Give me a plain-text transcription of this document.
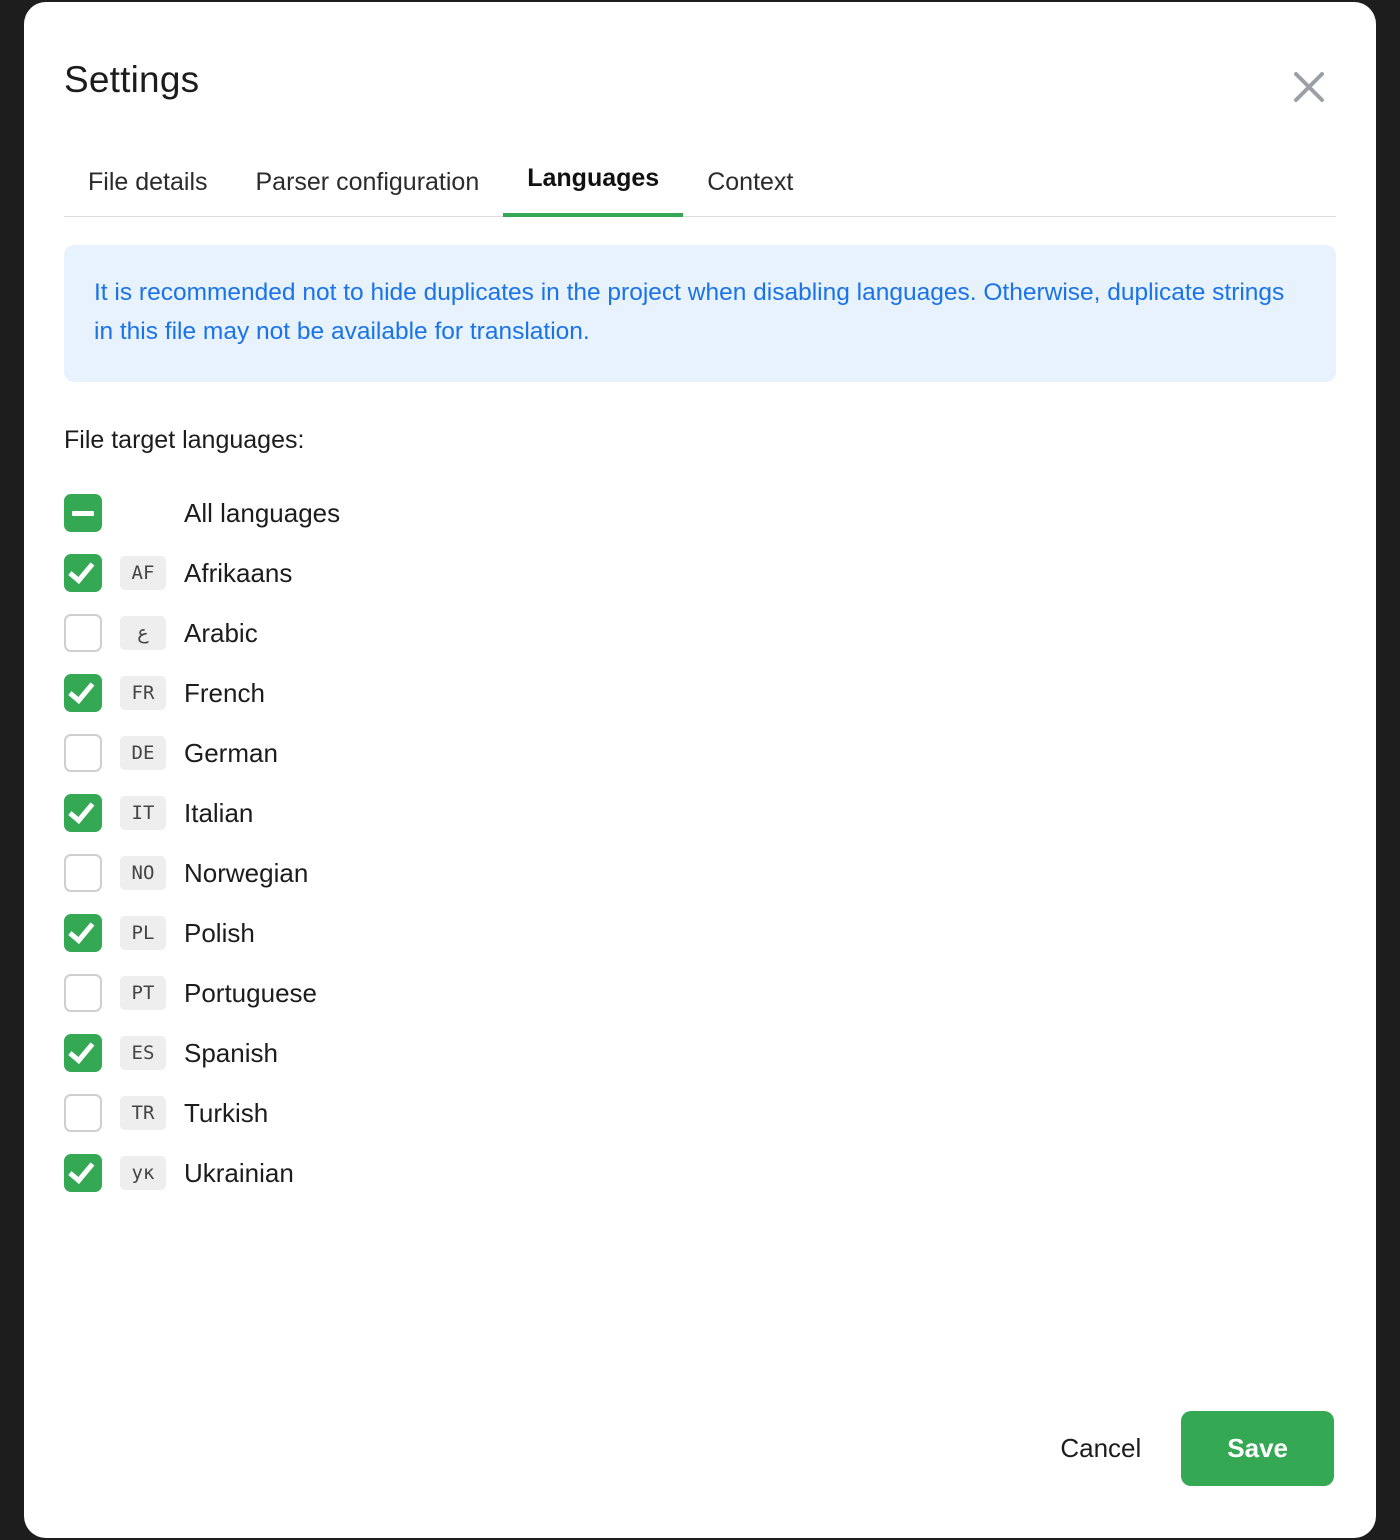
Settings
File details	Parser configuration	Languages	Context
It is recommended not to hide duplicates in the project when disabling languages. Otherwise, duplicate strings in this file may not be available for translation.
File target languages:
All languages
AF	Afrikaans
ع	Arabic
FR	French
DE	German
IT	Italian
NO	Norwegian
PL	Polish
PT	Portuguese
ES	Spanish
TR	Turkish
ук	Ukrainian
Cancel	Save
